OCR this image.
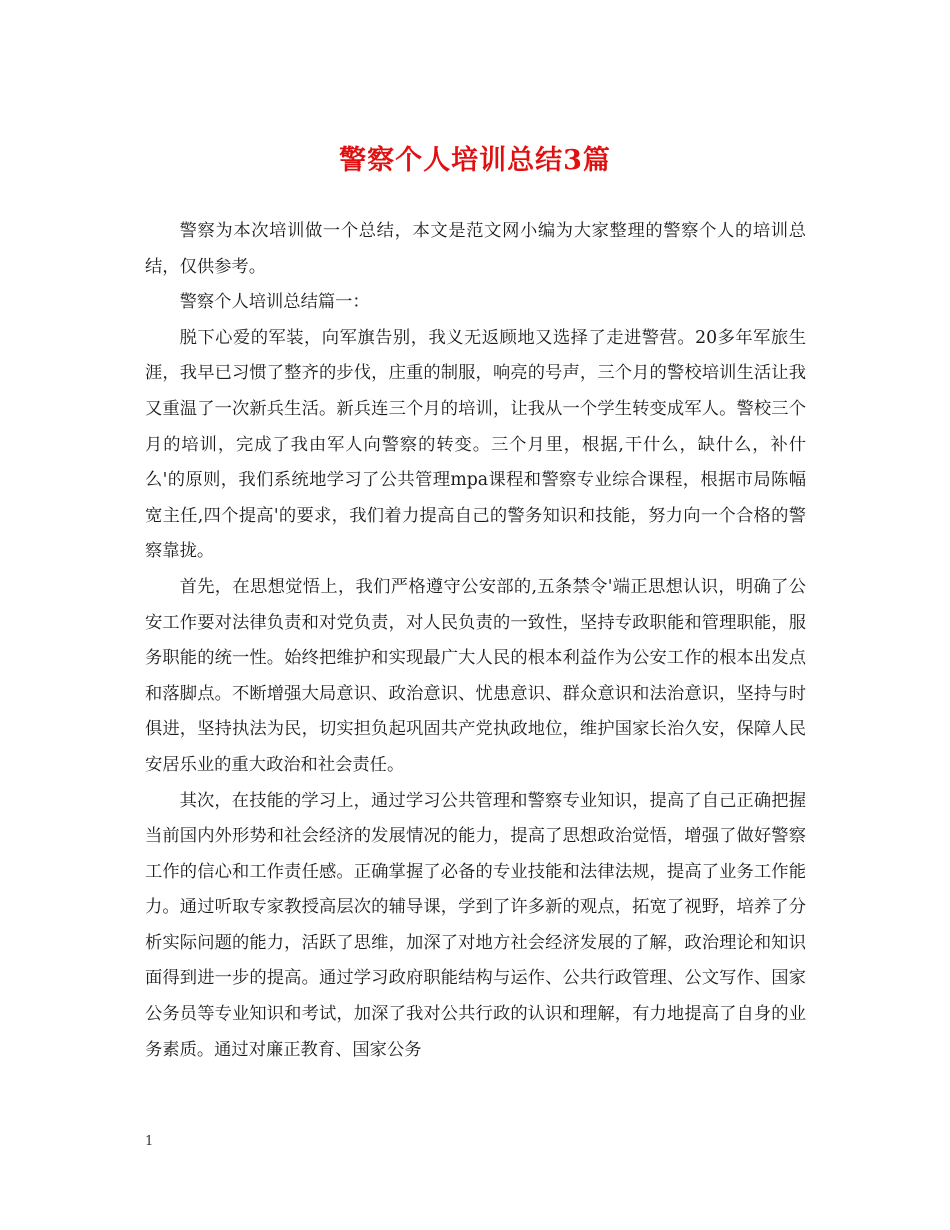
警察个人培训总结3篇

警察为本次培训做一个总结，本文是范文网小编为大家整理的警察个人的培训总结，仅供参考。

警察个人培训总结篇一：

脱下心爱的军装，向军旗告别，我义无返顾地又选择了走进警营。20多年军旅生涯，我早已习惯了整齐的步伐，庄重的制服，响亮的号声，三个月的警校培训生活让我又重温了一次新兵生活。新兵连三个月的培训，让我从一个学生转变成军人。警校三个月的培训，完成了我由军人向警察的转变。三个月里，根据,干什么，缺什么，补什么'的原则，我们系统地学习了公共管理mpa课程和警察专业综合课程，根据市局陈幅宽主任,四个提高'的要求，我们着力提高自己的警务知识和技能，努力向一个合格的警察靠拢。

首先，在思想觉悟上，我们严格遵守公安部的,五条禁令'端正思想认识，明确了公安工作要对法律负责和对党负责，对人民负责的一致性，坚持专政职能和管理职能，服务职能的统一性。始终把维护和实现最广大人民的根本利益作为公安工作的根本出发点和落脚点。不断增强大局意识、政治意识、忧患意识、群众意识和法治意识，坚持与时俱进，坚持执法为民，切实担负起巩固共产党执政地位，维护国家长治久安，保障人民安居乐业的重大政治和社会责任。

其次，在技能的学习上，通过学习公共管理和警察专业知识，提高了自己正确把握当前国内外形势和社会经济的发展情况的能力，提高了思想政治觉悟，增强了做好警察工作的信心和工作责任感。正确掌握了必备的专业技能和法律法规，提高了业务工作能力。通过听取专家教授高层次的辅导课，学到了许多新的观点，拓宽了视野，培养了分析实际问题的能力，活跃了思维，加深了对地方社会经济发展的了解，政治理论和知识面得到进一步的提高。通过学习政府职能结构与运作、公共行政管理、公文写作、国家公务员等专业知识和考试，加深了我对公共行政的认识和理解，有力地提高了自身的业务素质。通过对廉正教育、国家公务

1
